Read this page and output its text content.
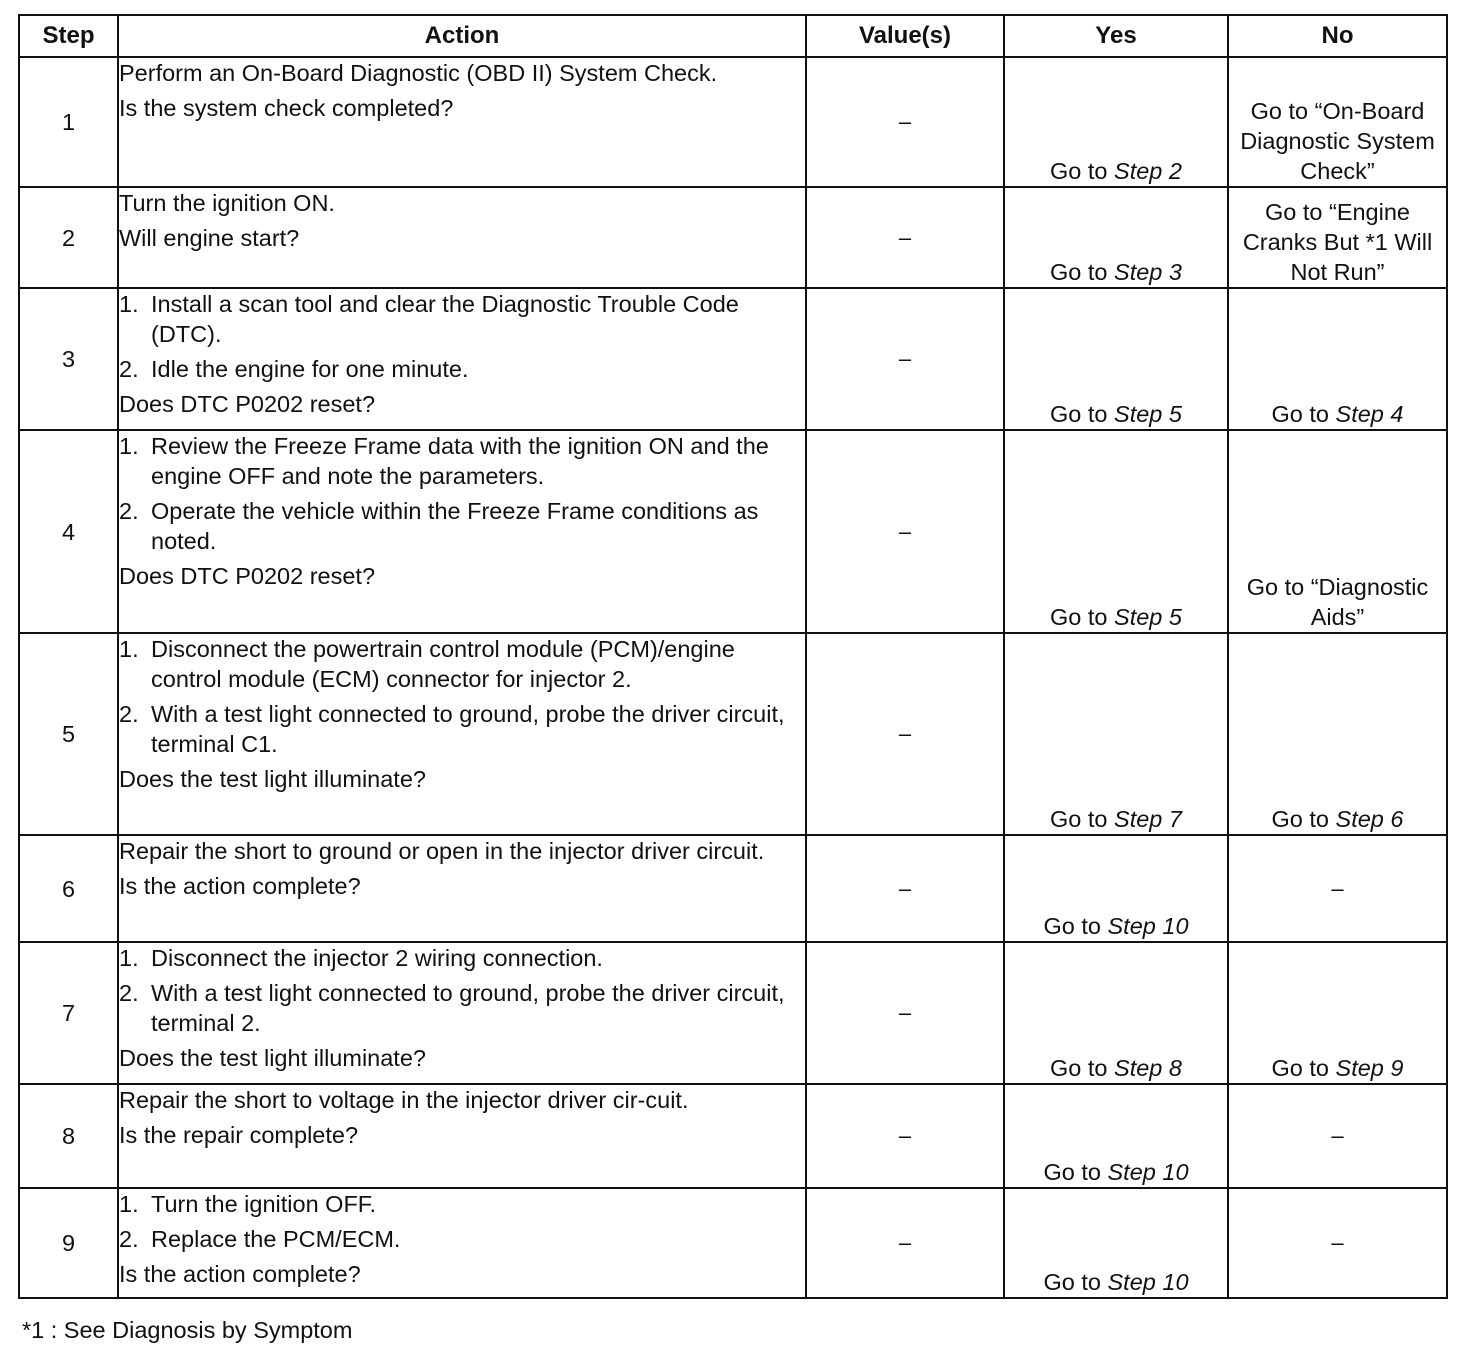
Step	Action	Value(s)	Yes	No
1	Perform an On-Board Diagnostic (OBD II) System Check.
Is the system check completed?	–	Go to Step 2	Go to “On-Board Diagnostic System Check”
2	Turn the ignition ON.
Will engine start?	–	Go to Step 3	Go to “Engine Cranks But *1 Will Not Run”
3	1. Install a scan tool and clear the Diagnostic Trouble Code (DTC).
2. Idle the engine for one minute.
Does DTC P0202 reset?	–	Go to Step 5	Go to Step 4
4	1. Review the Freeze Frame data with the ignition ON and the engine OFF and note the parameters.
2. Operate the vehicle within the Freeze Frame conditions as noted.
Does DTC P0202 reset?	–	Go to Step 5	Go to “Diagnostic Aids”
5	1. Disconnect the powertrain control module (PCM)/engine control module (ECM) connector for injector 2.
2. With a test light connected to ground, probe the driver circuit, terminal C1.
Does the test light illuminate?	–	Go to Step 7	Go to Step 6
6	Repair the short to ground or open in the injector driver circuit.
Is the action complete?	–	Go to Step 10	–
7	1. Disconnect the injector 2 wiring connection.
2. With a test light connected to ground, probe the driver circuit, terminal 2.
Does the test light illuminate?	–	Go to Step 8	Go to Step 9
8	Repair the short to voltage in the injector driver cir-cuit.
Is the repair complete?	–	Go to Step 10	–
9	1. Turn the ignition OFF.
2. Replace the PCM/ECM.
Is the action complete?	–	Go to Step 10	–
*1 : See Diagnosis by Symptom
